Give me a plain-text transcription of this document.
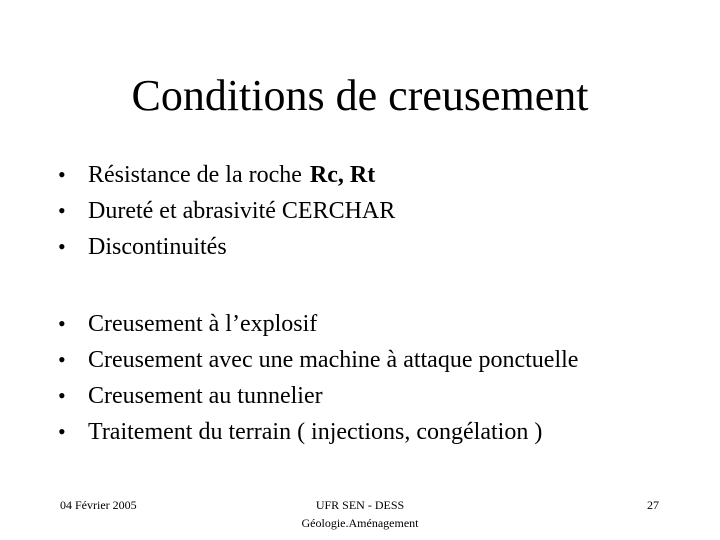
Conditions de creusement
• Résistance de la roche Rc, Rt
• Dureté et abrasivité CERCHAR
• Discontinuités
• Creusement à l’explosif
• Creusement avec une machine à attaque ponctuelle
• Creusement au tunnelier
• Traitement du terrain ( injections, congélation )
04 Février 2005	UFR SEN - DESS
Géologie.Aménagement
27
